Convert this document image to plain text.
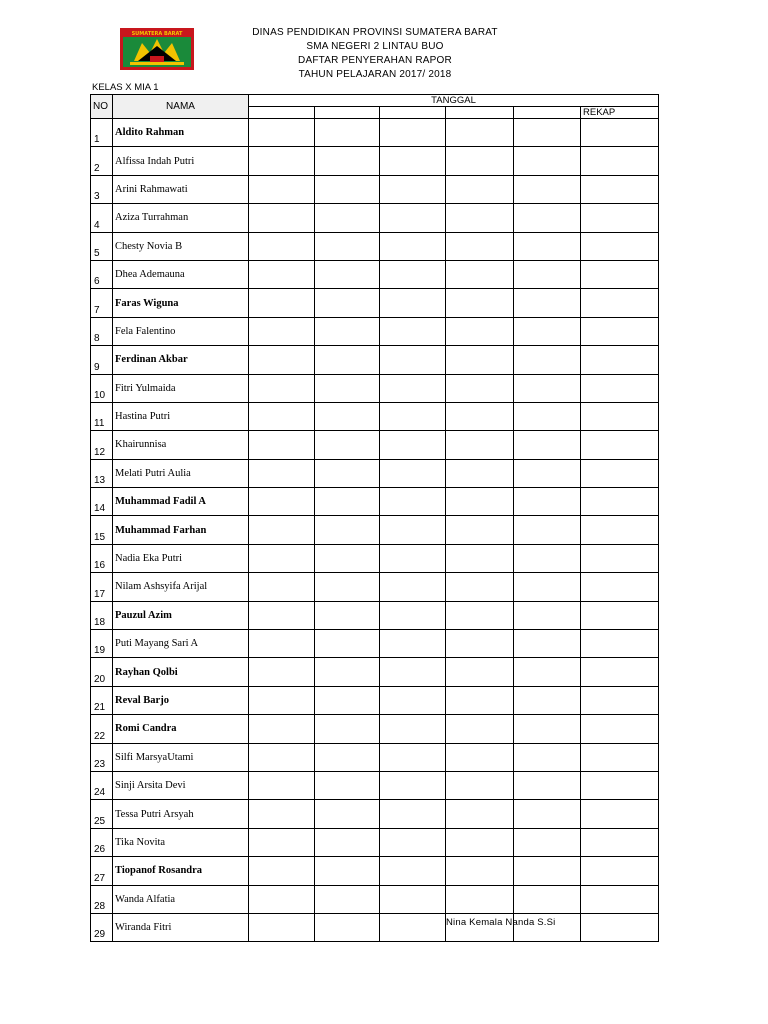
SUMATERA BARAT	DINAS PENDIDIKAN PROVINSI SUMATERA BARAT
SMA NEGERI 2 LINTAU BUO
DAFTAR PENYERAHAN RAPOR
TAHUN PELAJARAN 2017/ 2018
KELAS X MIA 1
NO	NAMA	TANGGAL					
							REKAP
1	Aldito Rahman						
2	Alfissa Indah Putri						
3	Arini Rahmawati						
4	Aziza Turrahman						
5	Chesty Novia B						
6	Dhea Ademauna						
7	Faras Wiguna						
8	Fela Falentino						
9	Ferdinan Akbar						
10	Fitri Yulmaida						
11	Hastina Putri						
12	Khairunnisa						
13	Melati Putri Aulia						
14	Muhammad Fadil A						
15	Muhammad Farhan						
16	Nadia Eka Putri						
17	Nilam Ashsyifa Arijal						
18	Pauzul Azim						
19	Puti Mayang Sari A						
20	Rayhan Qolbi						
21	Reval Barjo						
22	Romi Candra						
23	Silfi MarsyaUtami						
24	Sinji Arsita Devi						
25	Tessa Putri Arsyah						
26	Tika Novita						
27	Tiopanof Rosandra						
28	Wanda Alfatia						
29	Wiranda Fitri							Nina Kemala Nanda S.Si
